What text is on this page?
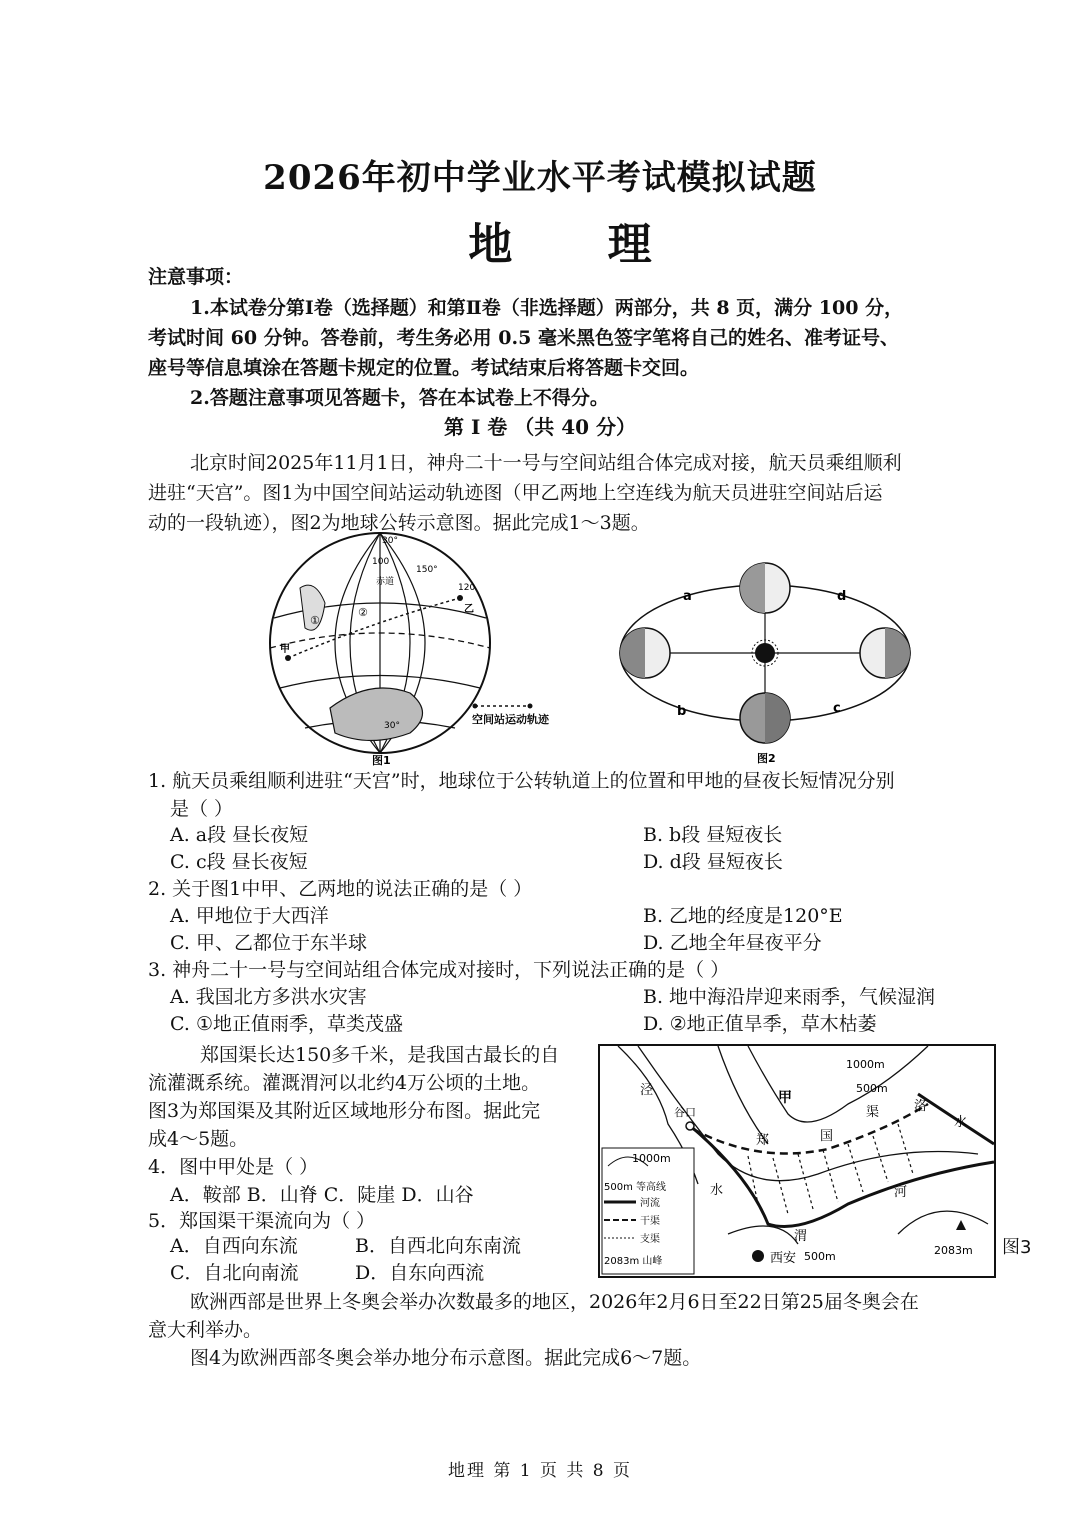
2026年初中学业水平考试模拟试题
地 理
注意事项：
1.本试卷分第Ⅰ卷（选择题）和第Ⅱ卷（非选择题）两部分，共 8 页，满分 100 分，
考试时间 60 分钟。答卷前，考生务必用 0.5 毫米黑色签字笔将自己的姓名、准考证号、
座号等信息填涂在答题卡规定的位置。考试结束后将答题卡交回。
2.答题注意事项见答题卡，答在本试卷上不得分。
第 Ⅰ 卷 （共 40 分）
北京时间2025年11月1日，神舟二十一号与空间站组合体完成对接，航天员乘组顺利
进驻“天宫”。图1为中国空间站运动轨迹图（甲乙两地上空连线为航天员进驻空间站后运
动的一段轨迹），图2为地球公转示意图。据此完成1～3题。
30°
100
150°
120
赤道
甲
乙
①
②
30°	空间站运动轨迹
图1
a	d
b	c
图2
1. 航天员乘组顺利进驻“天宫”时，地球位于公转轨道上的位置和甲地的昼夜长短情况分别
是（ ）
A. a段 昼长夜短	B. b段 昼短夜长
C. c段 昼长夜短	D. d段 昼短夜长
2. 关于图1中甲、乙两地的说法正确的是（ ）
A. 甲地位于大西洋	B. 乙地的经度是120°E
C. 甲、乙都位于东半球	D. 乙地全年昼夜平分
3. 神舟二十一号与空间站组合体完成对接时，下列说法正确的是（ ）
A. 我国北方多洪水灾害	B. 地中海沿岸迎来雨季，气候湿润
C. ①地正值雨季，草类茂盛	D. ②地正值旱季，草木枯萎
郑国渠长达150多千米，是我国古最长的自
流灌溉系统。灌溉渭河以北约4万公顷的土地。
图3为郑国渠及其附近区域地形分布图。据此完
成4～5题。
4．图中甲处是（ ）
A．鞍部 B．山脊 C．陡崖 D．山谷
5．郑国渠干渠流向为（ ）
A．自西向东流	B．自西北向东南流
C．自北向南流	D．自东向西流
1000m
500m
泾
谷口
甲
郑	国
渠	洛
水
水	河
渭
西安 500m	2083m
1000m
500m 等高线
河流
干渠
支渠
2083m 山峰
图3
欧洲西部是世界上冬奥会举办次数最多的地区，2026年2月6日至22日第25届冬奥会在
意大利举办。
图4为欧洲西部冬奥会举办地分布示意图。据此完成6～7题。
地理 第 1 页 共 8 页
